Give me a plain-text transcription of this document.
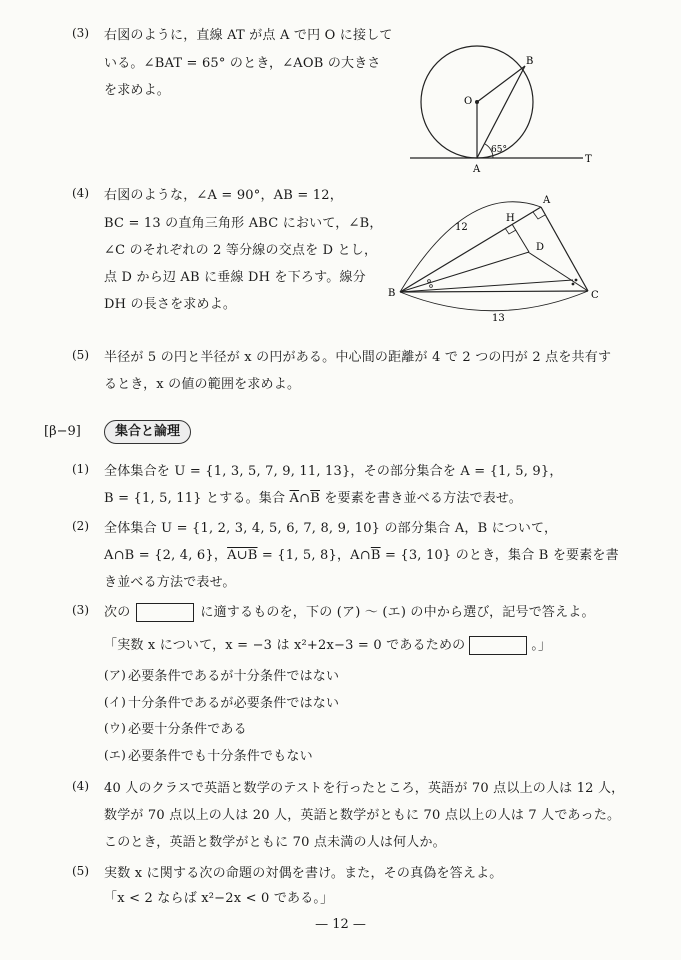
(3) 右図のように，直線 AT が点 A で円 O に接して
いる。∠BAT = 65° のとき，∠AOB の大きさ
を求めよ。
B
O
A
T
65°
(4) 右図のような，∠A = 90°，AB = 12，
BC = 13 の直角三角形 ABC において，∠B，
∠C のそれぞれの 2 等分線の交点を D とし，
点 D から辺 AB に垂線 DH を下ろす。線分
DH の長さを求めよ。
A
H
D
B	C
12
13
(5) 半径が 5 の円と半径が x の円がある。中心間の距離が 4 で 2 つの円が 2 点を共有す
るとき，x の値の範囲を求めよ。
[β−9]	集合と論理
(1) 全体集合を U = {1, 3, 5, 7, 9, 11, 13}，その部分集合を A = {1, 5, 9}，
B = {1, 5, 11} とする。集合 $\overline{A}\cap\overline{B}$ を要素を書き並べる方法で表せ。
(2) 全体集合 U = {1, 2, 3, 4, 5, 6, 7, 8, 9, 10} の部分集合 A，B について，
A∩B = {2, 4, 6}，A∪B = {1, 5, 8}，$A\cap\overline{B} = \{3$, 10} のとき，集合 B を要素を書
き並べる方法で表せ。
(3) 次の	に適するものを，下の (ア) 〜 (エ) の中から選び，記号で答えよ。
「実数 x について，x = −3 は x²+2x−3 = 0 であるための	。」
(ア) 必要条件であるが十分条件ではない
(イ) 十分条件であるが必要条件ではない
(ウ) 必要十分条件である
(エ) 必要条件でも十分条件でもない
(4) 40 人のクラスで英語と数学のテストを行ったところ，英語が 70 点以上の人は 12 人，
数学が 70 点以上の人は 20 人，英語と数学がともに 70 点以上の人は 7 人であった。
このとき，英語と数学がともに 70 点未満の人は何人か。
(5) 実数 x に関する次の命題の対偶を書け。また，その真偽を答えよ。
「x < 2 ならば x²−2x < 0 である。」
— 12 —
